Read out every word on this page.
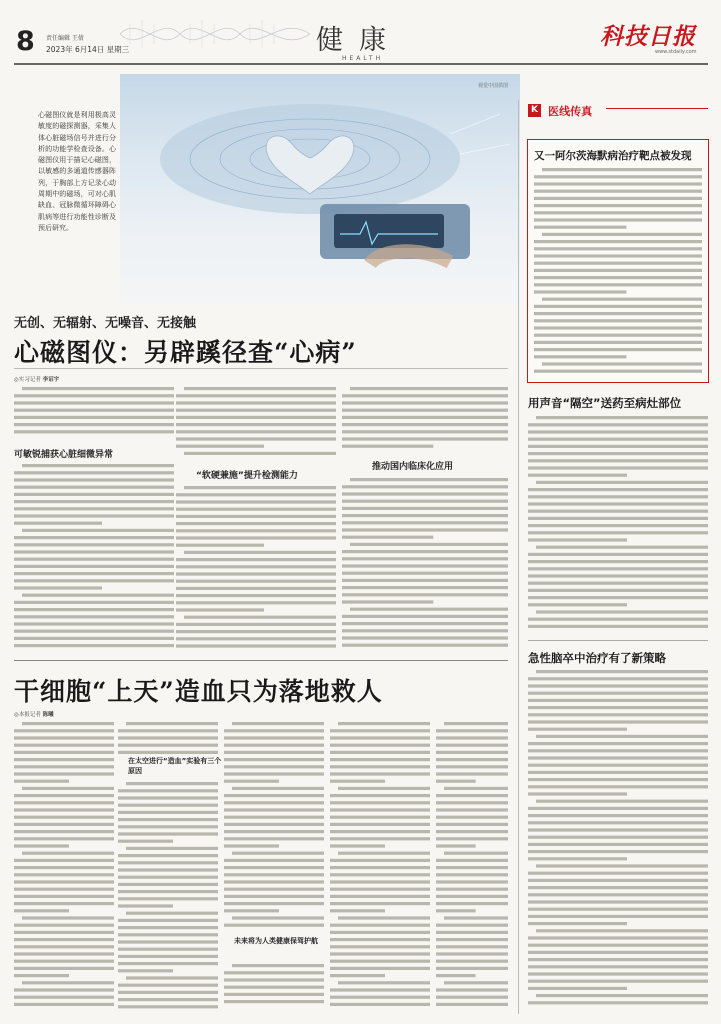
8 责任编辑 王倩
2023年 6月14日 星期三	健康
HEALTH
科技日报
www.stdaily.com
视觉中国供图
心磁图仪就是利用极高灵敏度的磁探测器，采集人体心脏磁场信号并进行分析的功能学检查设备。心磁图仪用于描记心磁图，以敏感的多通道传感器阵列，于胸部上方记录心动周期中的磁场，可对心肌缺血、冠脉微循环障碍心肌病等进行功能性诊断及预后研究。
无创、无辐射、无噪音、无接触
心磁图仪：另辟蹊径查“心病”
◎实习记者 李诏宇
可敏锐捕获心脏细微异常
“软硬兼施”提升检测能力
推动国内临床化应用
干细胞“上天”造血只为落地救人
◎本报记者 陈曦
在太空进行“造血”实验有三个原因
未来将为人类健康保驾护航
K 医线传真
又一阿尔茨海默病治疗靶点被发现
用声音“隔空”送药至病灶部位
急性脑卒中治疗有了新策略
